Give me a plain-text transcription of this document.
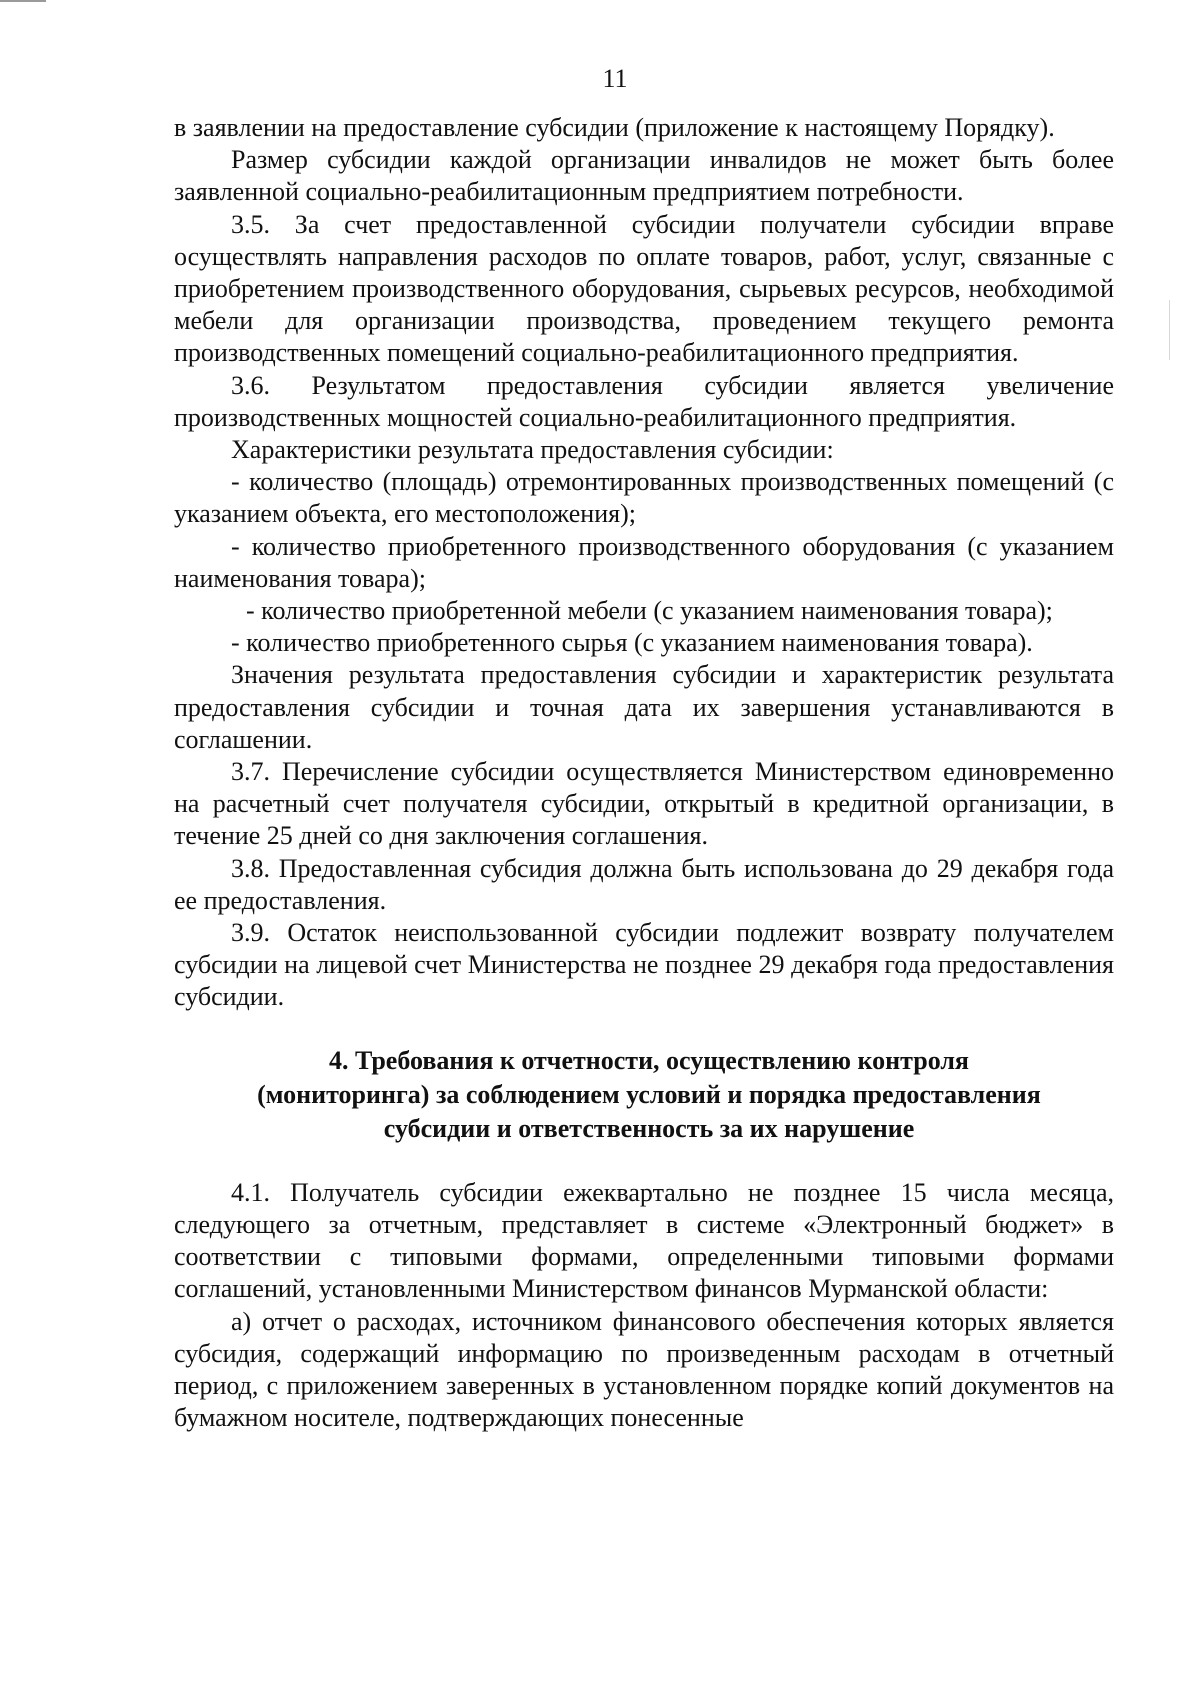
11

в заявлении на предоставление субсидии (приложение к настоящему Порядку).

Размер субсидии каждой организации инвалидов не может быть более заявленной социально-реабилитационным предприятием потребности.

3.5. За счет предоставленной субсидии получатели субсидии вправе осуществлять направления расходов по оплате товаров, работ, услуг, связанные с приобретением производственного оборудования, сырьевых ресурсов, необходимой мебели для организации производства, проведением текущего ремонта производственных помещений социально-реабилитационного предприятия.

3.6. Результатом предоставления субсидии является увеличение производственных мощностей социально-реабилитационного предприятия.

Характеристики результата предоставления субсидии:

- количество (площадь) отремонтированных производственных помещений (с указанием объекта, его местоположения);

- количество приобретенного производственного оборудования (с указанием наименования товара);

- количество приобретенной мебели (с указанием наименования товара);

- количество приобретенного сырья (с указанием наименования товара).

Значения результата предоставления субсидии и характеристик результата предоставления субсидии и точная дата их завершения устанавливаются в соглашении.

3.7. Перечисление субсидии осуществляется Министерством единовременно на расчетный счет получателя субсидии, открытый в кредитной организации, в течение 25 дней со дня заключения соглашения.

3.8. Предоставленная субсидия должна быть использована до 29 декабря года ее предоставления.

3.9. Остаток неиспользованной субсидии подлежит возврату получателем субсидии на лицевой счет Министерства не позднее 29 декабря года предоставления субсидии.

4. Требования к отчетности, осуществлению контроля
(мониторинга) за соблюдением условий и порядка предоставления
субсидии и ответственность за их нарушение

4.1. Получатель субсидии ежеквартально не позднее 15 числа месяца, следующего за отчетным, представляет в системе «Электронный бюджет» в соответствии с типовыми формами, определенными типовыми формами соглашений, установленными Министерством финансов Мурманской области:

а) отчет о расходах, источником финансового обеспечения которых является субсидия, содержащий информацию по произведенным расходам в отчетный период, с приложением заверенных в установленном порядке копий документов на бумажном носителе, подтверждающих понесенные
